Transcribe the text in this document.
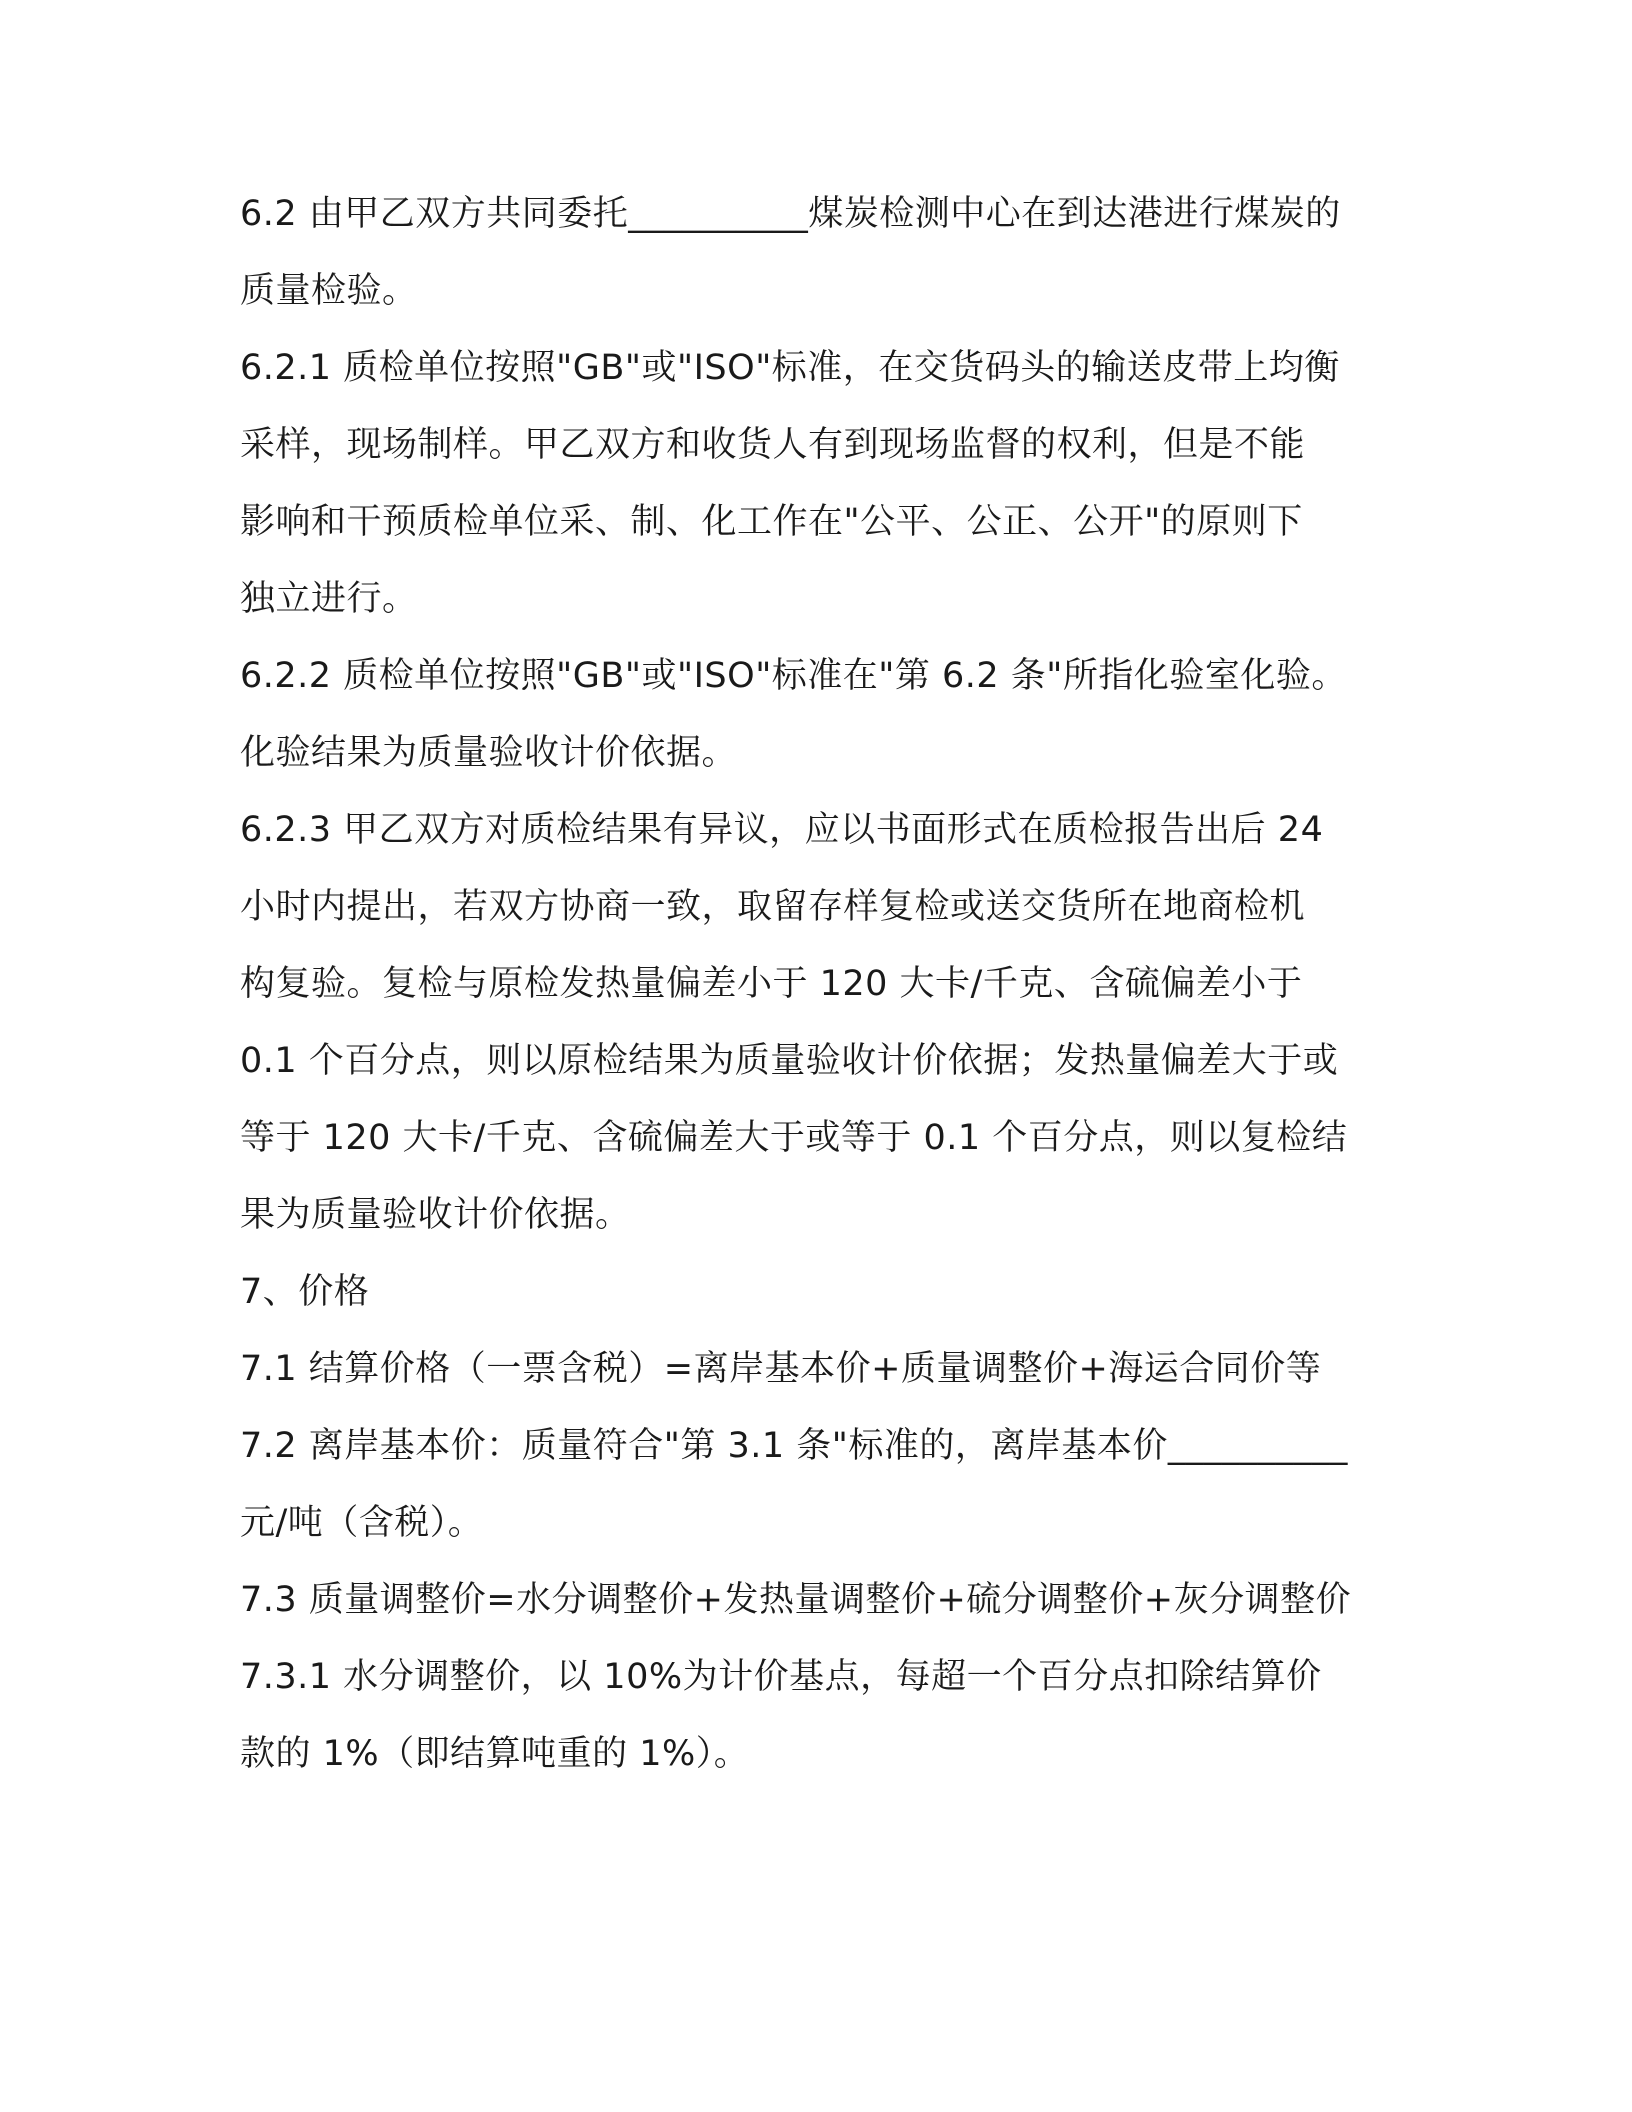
6.2 由甲乙双方共同委托__________煤炭检测中心在到达港进行煤炭的
质量检验。
6.2.1 质检单位按照"GB"或"ISO"标准，在交货码头的输送皮带上均衡
采样，现场制样。甲乙双方和收货人有到现场监督的权利，但是不能
影响和干预质检单位采、制、化工作在"公平、公正、公开"的原则下
独立进行。
6.2.2 质检单位按照"GB"或"ISO"标准在"第 6.2 条"所指化验室化验。
化验结果为质量验收计价依据。
6.2.3 甲乙双方对质检结果有异议，应以书面形式在质检报告出后 24
小时内提出，若双方协商一致，取留存样复检或送交货所在地商检机
构复验。复检与原检发热量偏差小于 120 大卡/千克、含硫偏差小于
0.1 个百分点，则以原检结果为质量验收计价依据；发热量偏差大于或
等于 120 大卡/千克、含硫偏差大于或等于 0.1 个百分点，则以复检结
果为质量验收计价依据。
7、价格
7.1 结算价格（一票含税）=离岸基本价+质量调整价+海运合同价等
7.2 离岸基本价：质量符合"第 3.1 条"标准的，离岸基本价__________
元/吨（含税）。
7.3 质量调整价=水分调整价+发热量调整价+硫分调整价+灰分调整价
7.3.1 水分调整价，以 10%为计价基点，每超一个百分点扣除结算价
款的 1%（即结算吨重的 1%）。
